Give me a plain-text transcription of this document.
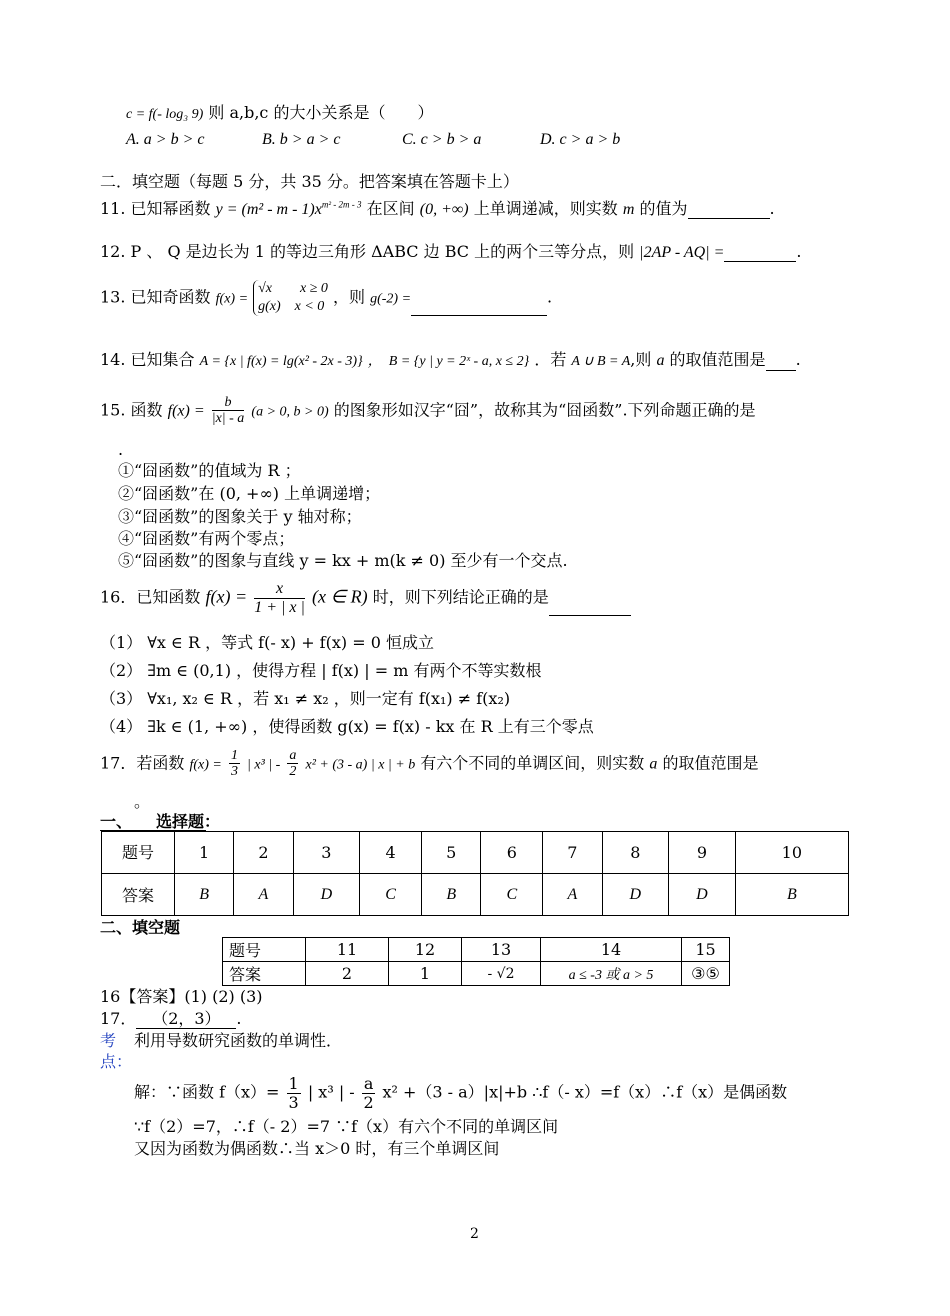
c = f(- log₃ 9) 则 a,b,c 的大小关系是（　　）
A. a > b > c	B. b > a > c	C. c > b > a	D. c > a > b
二．填空题（每题 5 分，共 35 分。把答案填在答题卡上）
11. 已知幂函数 $y = (m^2 - m - 1)x^{m^2 - 2m - 3}$ 在区间 (0, +∞) 上单调递减，则实数 m 的值为	.
12. P 、 Q 是边长为 1 的等边三角形 ΔABC 边 BC 上的两个三等分点，则 |2AP - AQ| =	.
13. 已知奇函数 f(x) =
√x　　x ≥ 0
g(x)　x < 0 ，则 g(-2) =	.
14. 已知集合 A = {x | f(x) = lg(x² - 2x - 3)} ，　B = {y | y = 2ˣ - a, x ≤ 2} ．若 A ∪ B = A,则 a 的取值范围是 .
15. 函数 $f(x) = \frac{b}{|x| - a} (a > 0$, b > 0) 的图象形如汉字“囧”，故称其为“囧函数”.下列命题正确的是
.
①“囧函数”的值域为 R ；
②“囧函数”在 (0, +∞) 上单调递增；
③“囧函数”的图象关于 y 轴对称；
④“囧函数”有两个零点；
⑤“囧函数”的图象与直线 y = kx + m(k ≠ 0) 至少有一个交点.
16．已知函数 $f(x) = \frac{x}{1 + | x |} (x$ ∈ R) 时，则下列结论正确的是
（1） ∀x ∈ R ，等式 f(- x) + f(x) = 0 恒成立
（2） ∃m ∈ (0,1) ，使得方程 | f(x) | = m 有两个不等实数根
（3） ∀x₁, x₂ ∈ R ，若 x₁ ≠ x₂ ，则一定有 f(x₁) ≠ f(x₂)
（4） ∃k ∈ (1, +∞) ，使得函数 g(x) = f(x) - kx 在 R 上有三个零点
17．若函数 $f(x) = \frac{1}{3}$ | x³ | - $\frac{a}{2} x^2 + (3 - a)$ | x | + b 有六个不同的单调区间，则实数 a 的取值范围是
。
一、　　选择题：
题号	1	2	3	4	5	6	7	8	9	10
答案	B	A	D	C	B	C	A	D	D	B
二、填空题
题号	11	12	13	14	15
答案	2	1	- √2	a ≤ -3 或 a > 5	③⑤
16【答案】(1) (2) (3)
17． （2，3） .
考
点：
利用导数研究函数的单调性．
解：∵函数 $f(x)= \frac{1}{3}$ | x³ | - $\frac{a}{2} x^2 +(3 - a)|x|+b$ ∴f（- x）=f（x）∴f（x）是偶函数
∵f（2）=7，∴f（- 2）=7 ∵f（x）有六个不同的单调区间
又因为函数为偶函数∴当 x＞0 时，有三个单调区间
2
